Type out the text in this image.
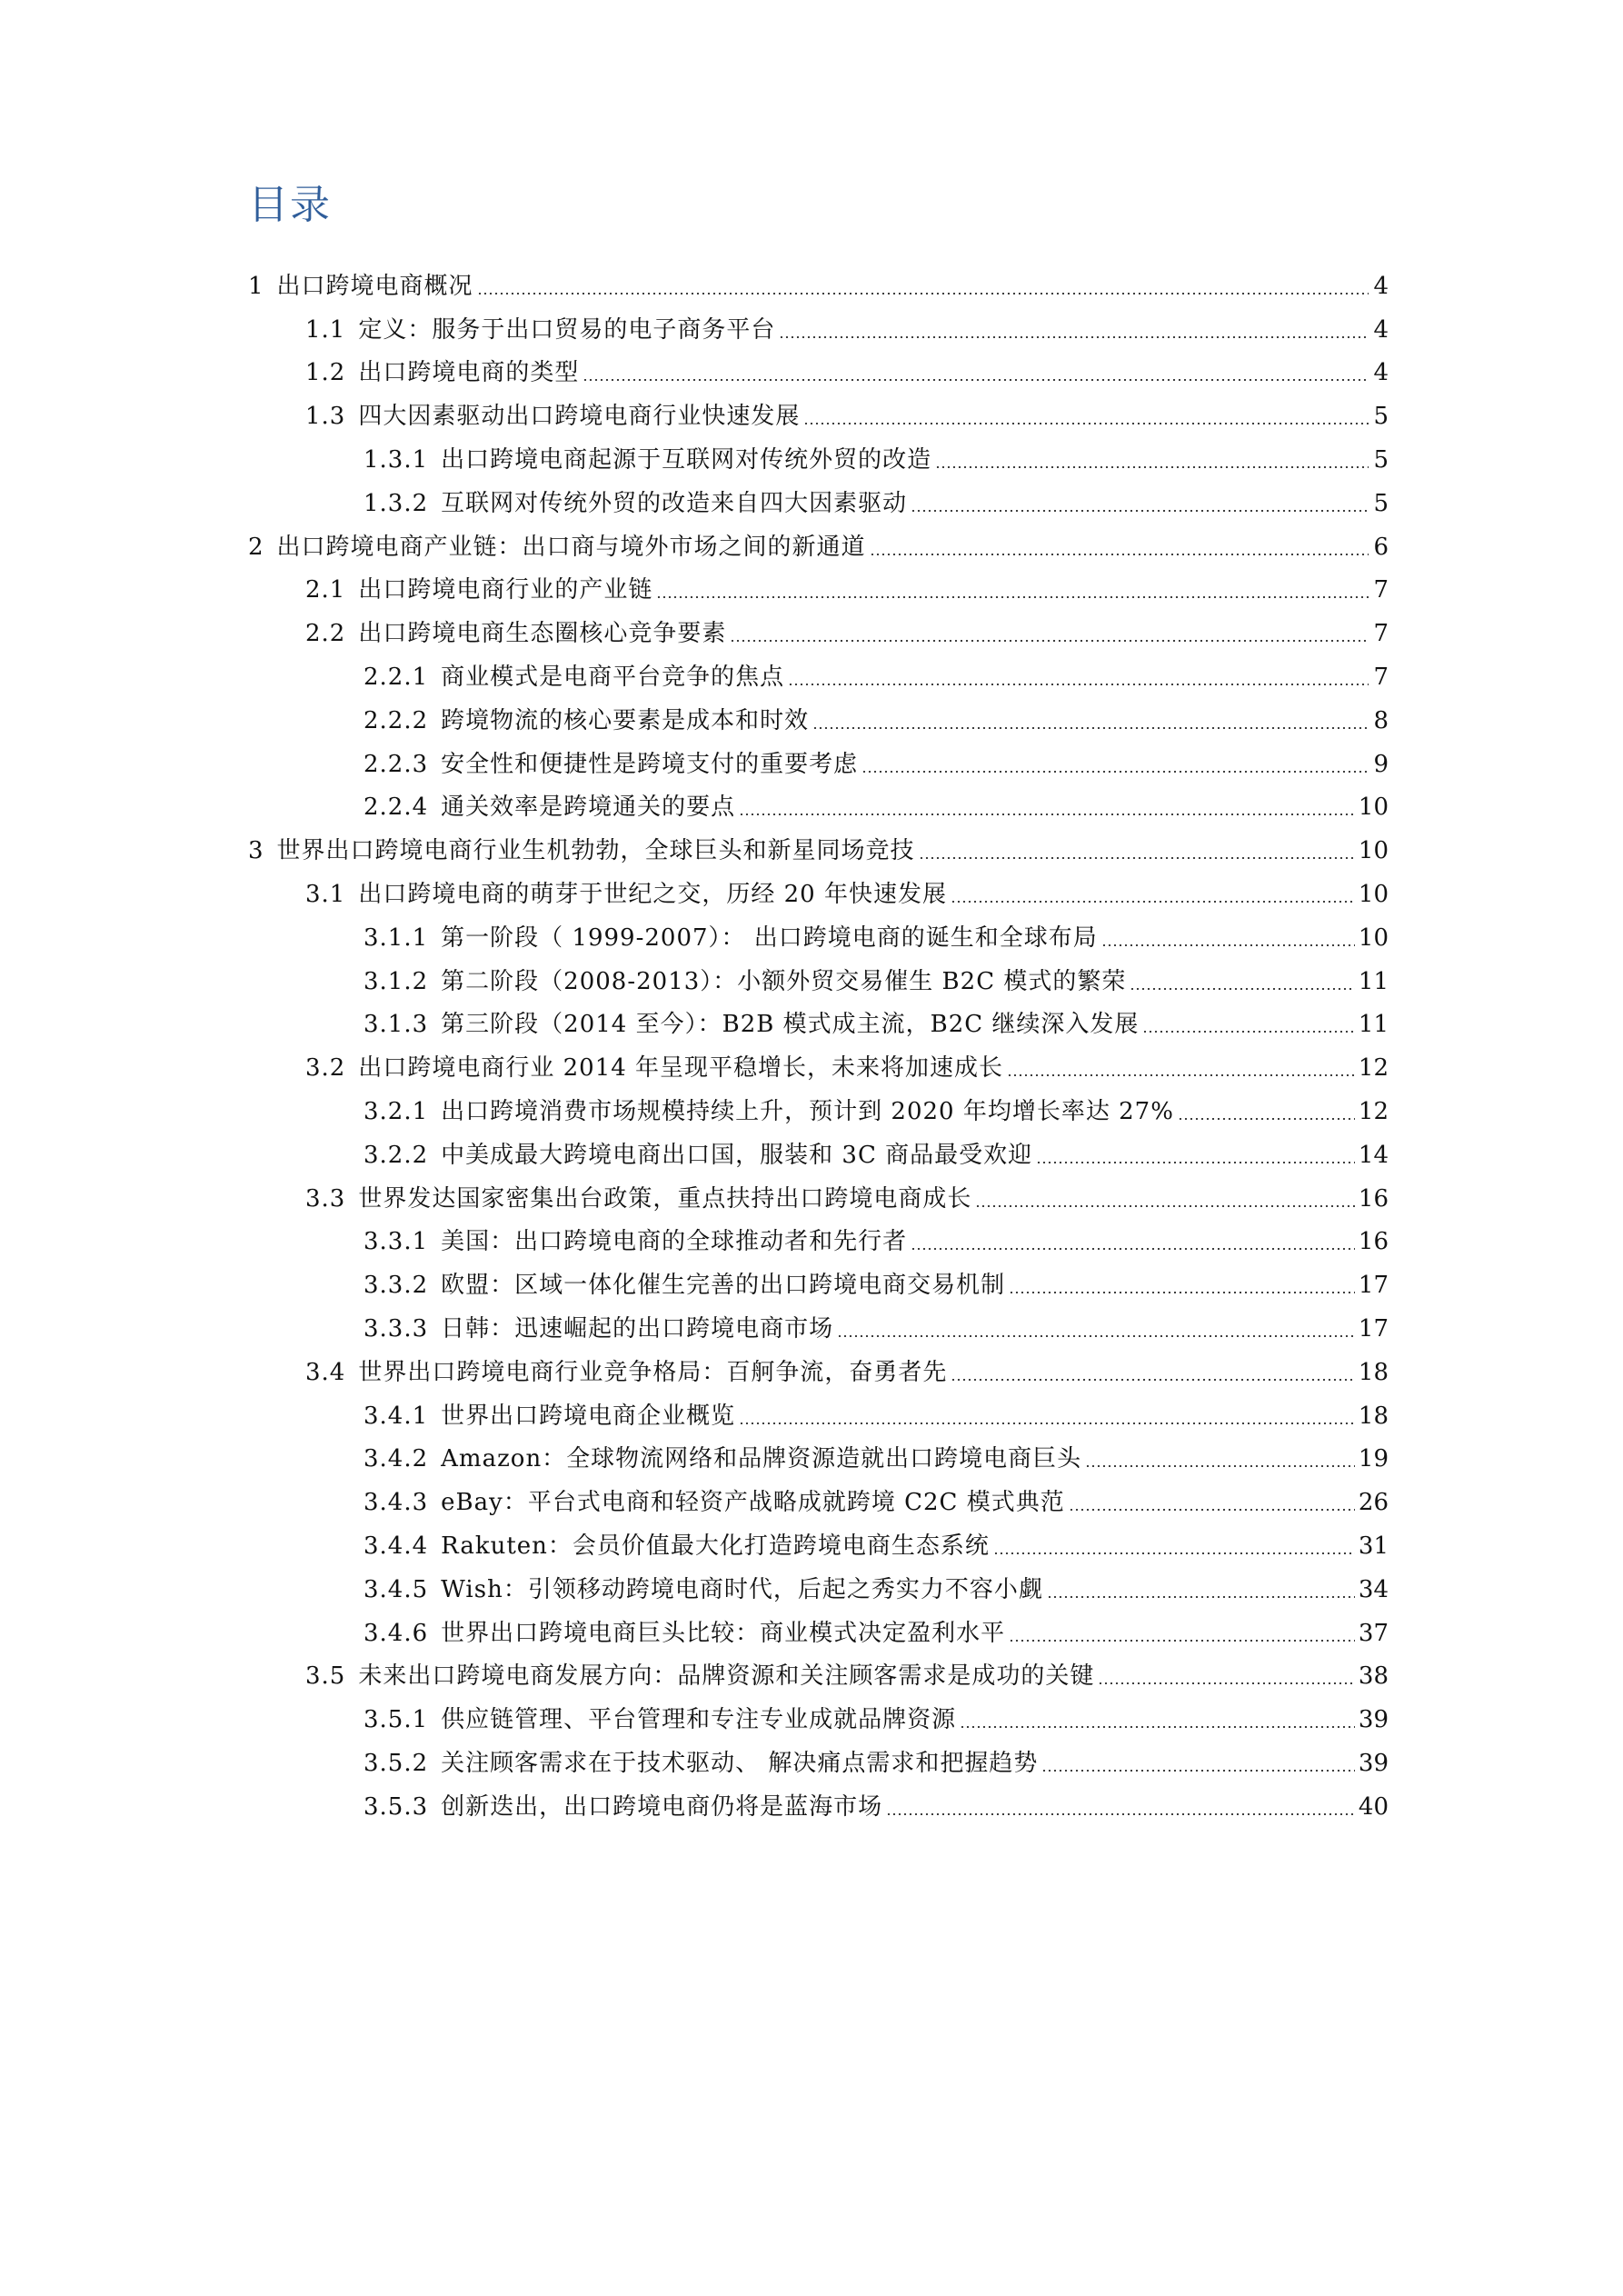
目录
1 出口跨境电商概况	4
1.1 定义：服务于出口贸易的电子商务平台	4
1.2 出口跨境电商的类型	4
1.3 四大因素驱动出口跨境电商行业快速发展	5
1.3.1 出口跨境电商起源于互联网对传统外贸的改造	5
1.3.2 互联网对传统外贸的改造来自四大因素驱动	5
2 出口跨境电商产业链：出口商与境外市场之间的新通道	6
2.1 出口跨境电商行业的产业链	7
2.2 出口跨境电商生态圈核心竞争要素	7
2.2.1 商业模式是电商平台竞争的焦点	7
2.2.2 跨境物流的核心要素是成本和时效	8
2.2.3 安全性和便捷性是跨境支付的重要考虑	9
2.2.4 通关效率是跨境通关的要点	10
3 世界出口跨境电商行业生机勃勃，全球巨头和新星同场竞技	10
3.1 出口跨境电商的萌芽于世纪之交，历经 20 年快速发展	10
3.1.1 第一阶段（ 1999-2007）： 出口跨境电商的诞生和全球布局	10
3.1.2 第二阶段（2008-2013）：小额外贸交易催生 B2C 模式的繁荣	11
3.1.3 第三阶段（2014 至今）：B2B 模式成主流，B2C 继续深入发展	11
3.2 出口跨境电商行业 2014 年呈现平稳增长，未来将加速成长	12
3.2.1 出口跨境消费市场规模持续上升，预计到 2020 年均增长率达 27%	12
3.2.2 中美成最大跨境电商出口国，服装和 3C 商品最受欢迎	14
3.3 世界发达国家密集出台政策，重点扶持出口跨境电商成长	16
3.3.1 美国：出口跨境电商的全球推动者和先行者	16
3.3.2 欧盟：区域一体化催生完善的出口跨境电商交易机制	17
3.3.3 日韩：迅速崛起的出口跨境电商市场	17
3.4 世界出口跨境电商行业竞争格局：百舸争流，奋勇者先	18
3.4.1 世界出口跨境电商企业概览	18
3.4.2 Amazon：全球物流网络和品牌资源造就出口跨境电商巨头	19
3.4.3 eBay：平台式电商和轻资产战略成就跨境 C2C 模式典范	26
3.4.4 Rakuten：会员价值最大化打造跨境电商生态系统	31
3.4.5 Wish：引领移动跨境电商时代，后起之秀实力不容小觑	34
3.4.6 世界出口跨境电商巨头比较：商业模式决定盈利水平	37
3.5 未来出口跨境电商发展方向：品牌资源和关注顾客需求是成功的关键	38
3.5.1 供应链管理、平台管理和专注专业成就品牌资源	39
3.5.2 关注顾客需求在于技术驱动、 解决痛点需求和把握趋势	39
3.5.3 创新迭出，出口跨境电商仍将是蓝海市场	40
